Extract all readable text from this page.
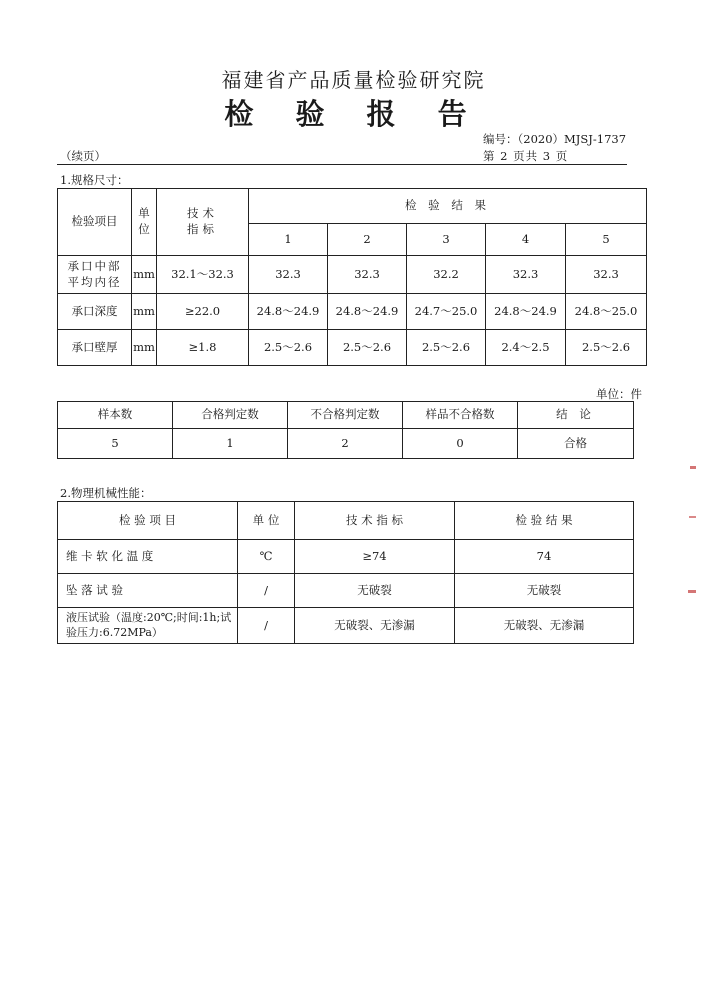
福建省产品质量检验研究院
检 验 报 告
编号：（2020）MJSJ-1737
（续页）	第 2 页共 3 页
1.规格尺寸：
检验项目	单位	技术指标	检 验 结 果				
			1	2	3	4	5
承口中部平均内径	mm	32.1～32.3	32.3	32.3	32.2	32.3	32.3
承口深度	mm	≥22.0	24.8～24.9	24.8～24.9	24.7～25.0	24.8～24.9	24.8～25.0
承口壁厚	mm	≥1.8	2.5～2.6	2.5～2.6	2.5～2.6	2.4～2.5	2.5～2.6
单位：件
样本数	合格判定数	不合格判定数	样品不合格数	结 论
5	1	2	0	合格
2.物理机械性能：
检 验 项 目	单 位	技 术 指 标	检 验 结 果
维 卡 软 化 温 度	℃	≥74	74
坠 落 试 验	/	无破裂	无破裂
液压试验（温度:20℃;时间:1h;试验压力:6.72MPa）	/	无破裂、无渗漏	无破裂、无渗漏
